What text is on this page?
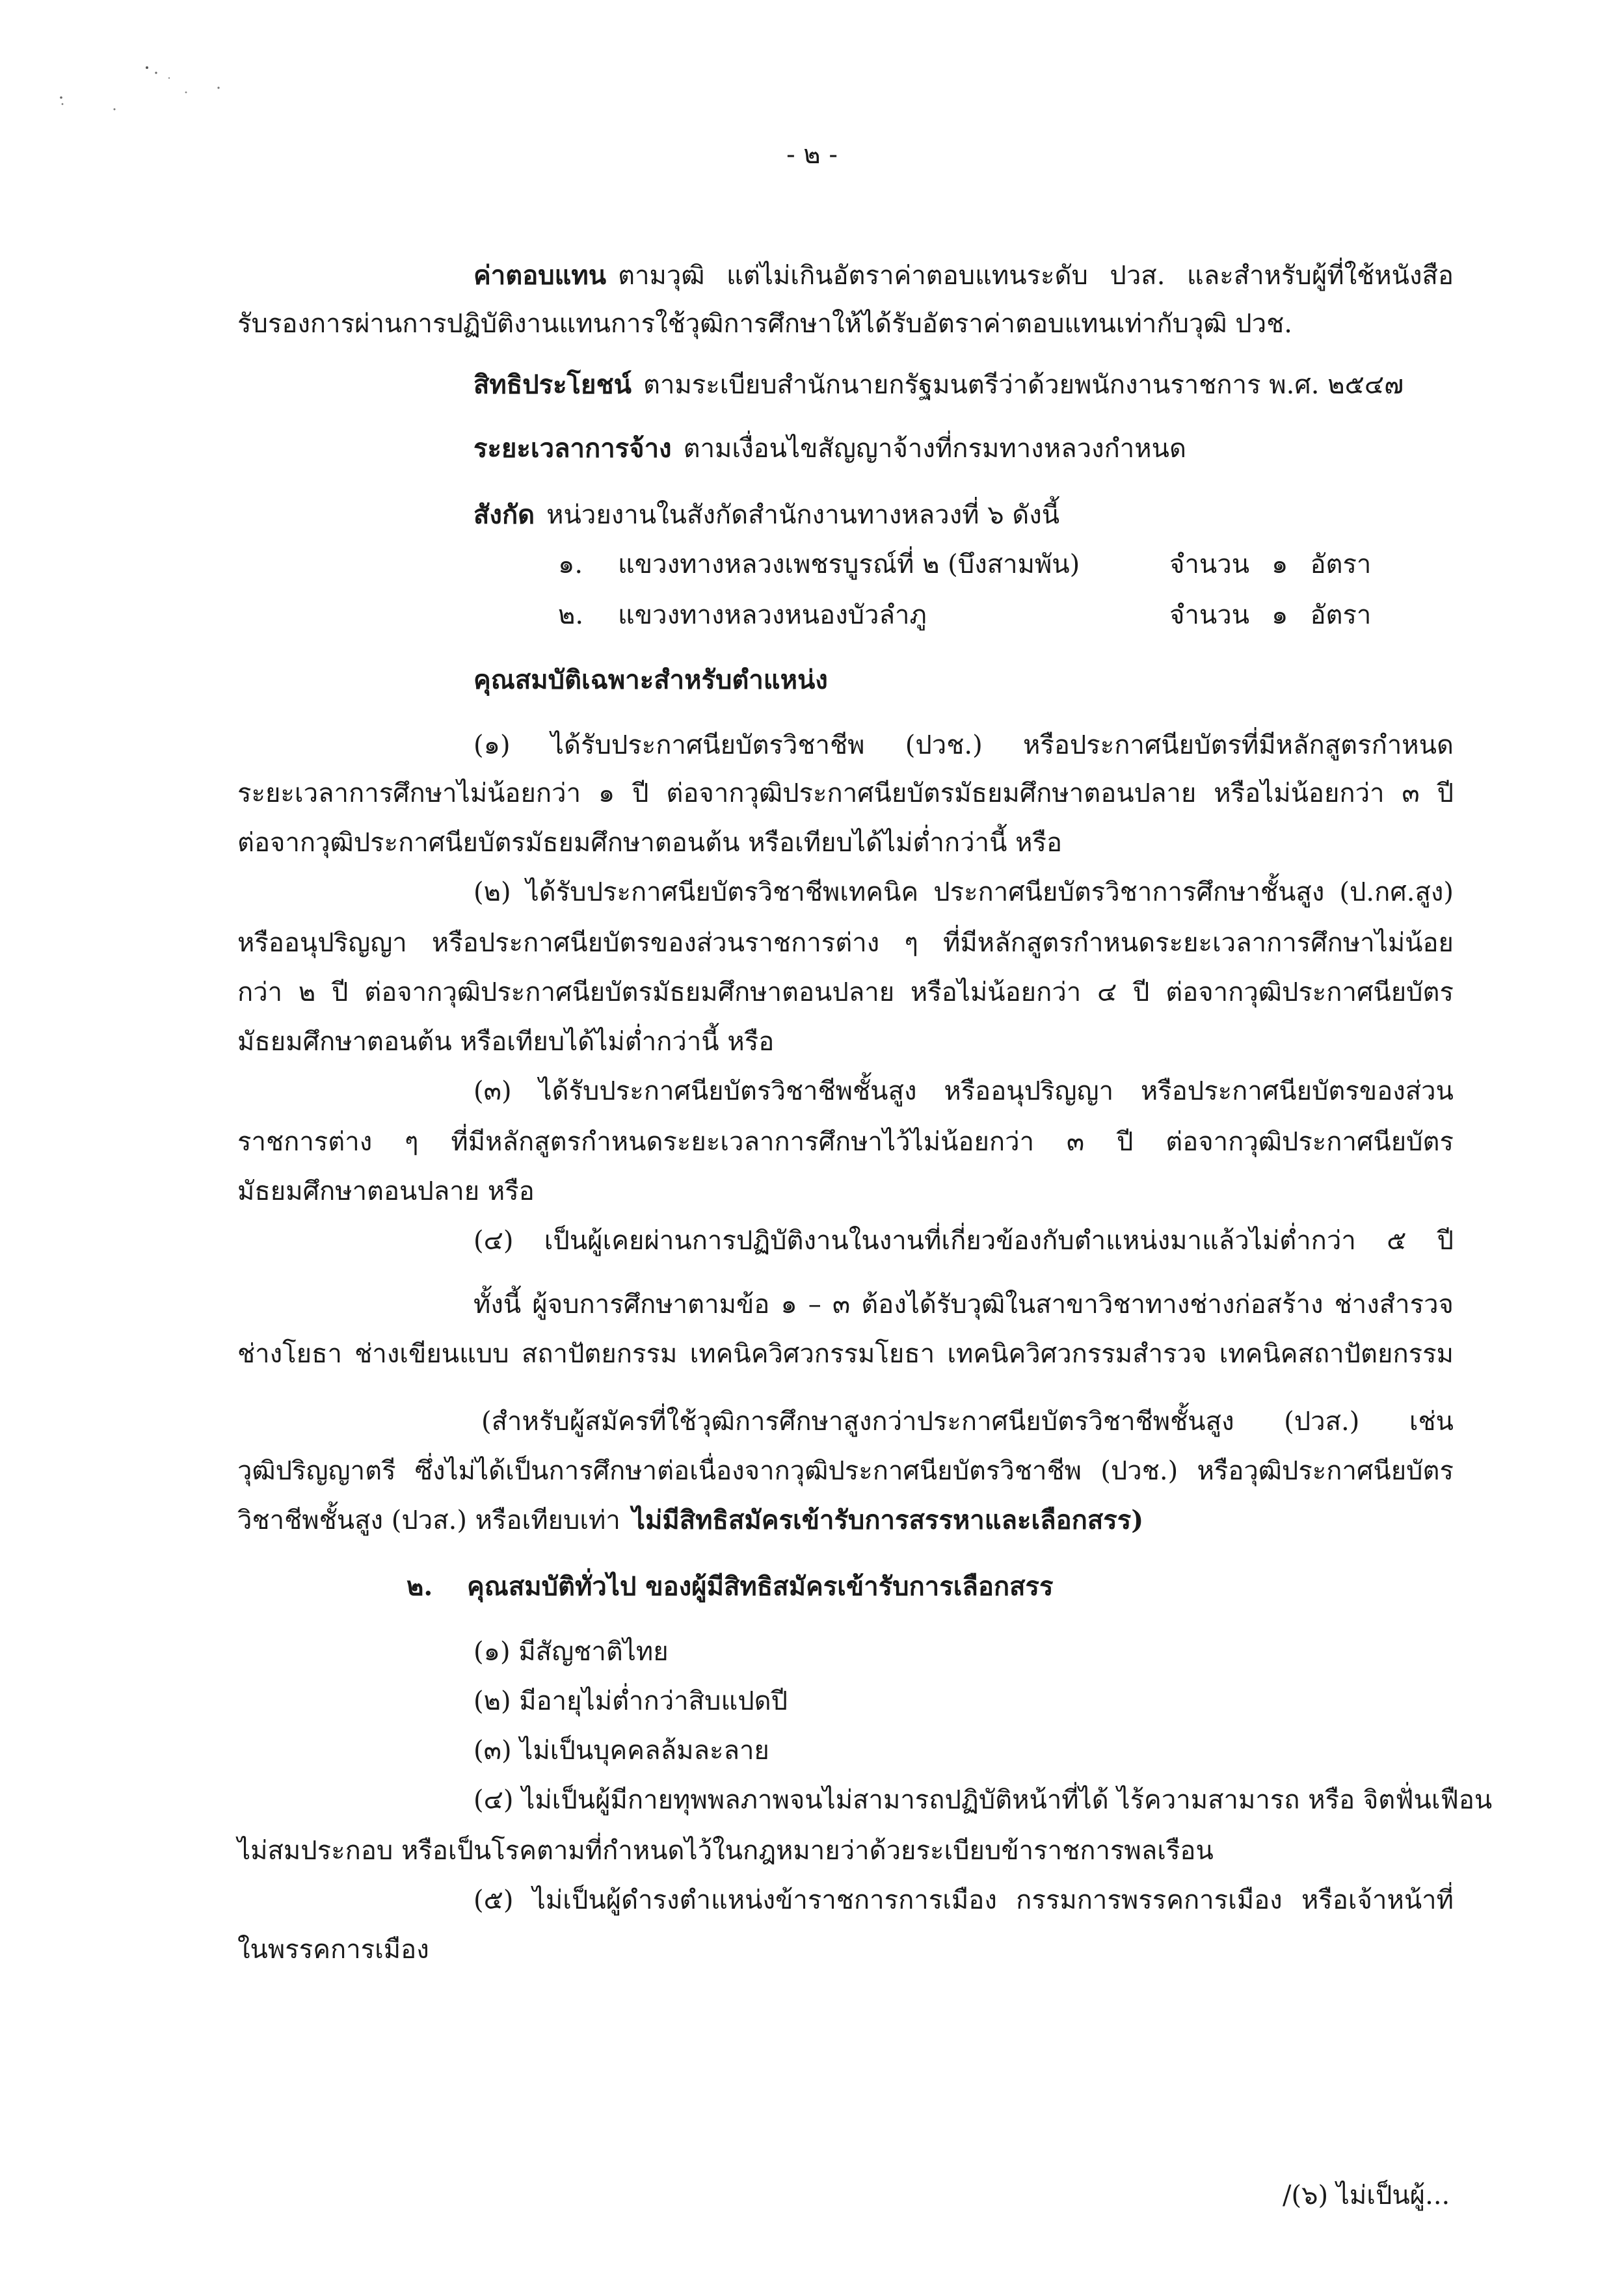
- ๒ -
ค่าตอบแทน ตามวุฒิ แต่ไม่เกินอัตราค่าตอบแทนระดับ ปวส. และสำหรับผู้ที่ใช้หนังสือ
รับรองการผ่านการปฏิบัติงานแทนการใช้วุฒิการศึกษาให้ได้รับอัตราค่าตอบแทนเท่ากับวุฒิ ปวช.
สิทธิประโยชน์ ตามระเบียบสำนักนายกรัฐมนตรีว่าด้วยพนักงานราชการ พ.ศ. ๒๕๔๗
ระยะเวลาการจ้าง ตามเงื่อนไขสัญญาจ้างที่กรมทางหลวงกำหนด
สังกัด หน่วยงานในสังกัดสำนักงานทางหลวงที่ ๖ ดังนี้
๑. แขวงทางหลวงเพชรบูรณ์ที่ ๒ (บึงสามพัน)	จำนวน ๑ อัตรา
๒. แขวงทางหลวงหนองบัวลำภู	จำนวน ๑ อัตรา
คุณสมบัติเฉพาะสำหรับตำแหน่ง
(๑) ได้รับประกาศนียบัตรวิชาชีพ (ปวช.) หรือประกาศนียบัตรที่มีหลักสูตรกำหนด
ระยะเวลาการศึกษาไม่น้อยกว่า ๑ ปี ต่อจากวุฒิประกาศนียบัตรมัธยมศึกษาตอนปลาย หรือไม่น้อยกว่า ๓ ปี
ต่อจากวุฒิประกาศนียบัตรมัธยมศึกษาตอนต้น หรือเทียบได้ไม่ต่ำกว่านี้ หรือ
(๒) ได้รับประกาศนียบัตรวิชาชีพเทคนิค ประกาศนียบัตรวิชาการศึกษาชั้นสูง (ป.กศ.สูง)
หรืออนุปริญญา หรือประกาศนียบัตรของส่วนราชการต่าง ๆ ที่มีหลักสูตรกำหนดระยะเวลาการศึกษาไม่น้อย
กว่า ๒ ปี ต่อจากวุฒิประกาศนียบัตรมัธยมศึกษาตอนปลาย หรือไม่น้อยกว่า ๔ ปี ต่อจากวุฒิประกาศนียบัตร
มัธยมศึกษาตอนต้น หรือเทียบได้ไม่ต่ำกว่านี้ หรือ
(๓) ได้รับประกาศนียบัตรวิชาชีพชั้นสูง หรืออนุปริญญา หรือประกาศนียบัตรของส่วน
ราชการต่าง ๆ ที่มีหลักสูตรกำหนดระยะเวลาการศึกษาไว้ไม่น้อยกว่า ๓ ปี ต่อจากวุฒิประกาศนียบัตร
มัธยมศึกษาตอนปลาย หรือ
(๔) เป็นผู้เคยผ่านการปฏิบัติงานในงานที่เกี่ยวข้องกับตำแหน่งมาแล้วไม่ต่ำกว่า ๕ ปี
ทั้งนี้ ผู้จบการศึกษาตามข้อ ๑ – ๓ ต้องได้รับวุฒิในสาขาวิชาทางช่างก่อสร้าง ช่างสำรวจ
ช่างโยธา ช่างเขียนแบบ สถาปัตยกรรม เทคนิควิศวกรรมโยธา เทคนิควิศวกรรมสำรวจ เทคนิคสถาปัตยกรรม
(สำหรับผู้สมัครที่ใช้วุฒิการศึกษาสูงกว่าประกาศนียบัตรวิชาชีพชั้นสูง (ปวส.) เช่น
วุฒิปริญญาตรี ซึ่งไม่ได้เป็นการศึกษาต่อเนื่องจากวุฒิประกาศนียบัตรวิชาชีพ (ปวช.) หรือวุฒิประกาศนียบัตร
วิชาชีพชั้นสูง (ปวส.) หรือเทียบเท่า ไม่มีสิทธิสมัครเข้ารับการสรรหาและเลือกสรร)
๒. คุณสมบัติทั่วไป ของผู้มีสิทธิสมัครเข้ารับการเลือกสรร
(๑) มีสัญชาติไทย
(๒) มีอายุไม่ต่ำกว่าสิบแปดปี
(๓) ไม่เป็นบุคคลล้มละลาย
(๔) ไม่เป็นผู้มีกายทุพพลภาพจนไม่สามารถปฏิบัติหน้าที่ได้ ไร้ความสามารถ หรือ จิตฟั่นเฟือน
ไม่สมประกอบ หรือเป็นโรคตามที่กำหนดไว้ในกฎหมายว่าด้วยระเบียบข้าราชการพลเรือน
(๕) ไม่เป็นผู้ดำรงตำแหน่งข้าราชการการเมือง กรรมการพรรคการเมือง หรือเจ้าหน้าที่
ในพรรคการเมือง
/(๖) ไม่เป็นผู้...
